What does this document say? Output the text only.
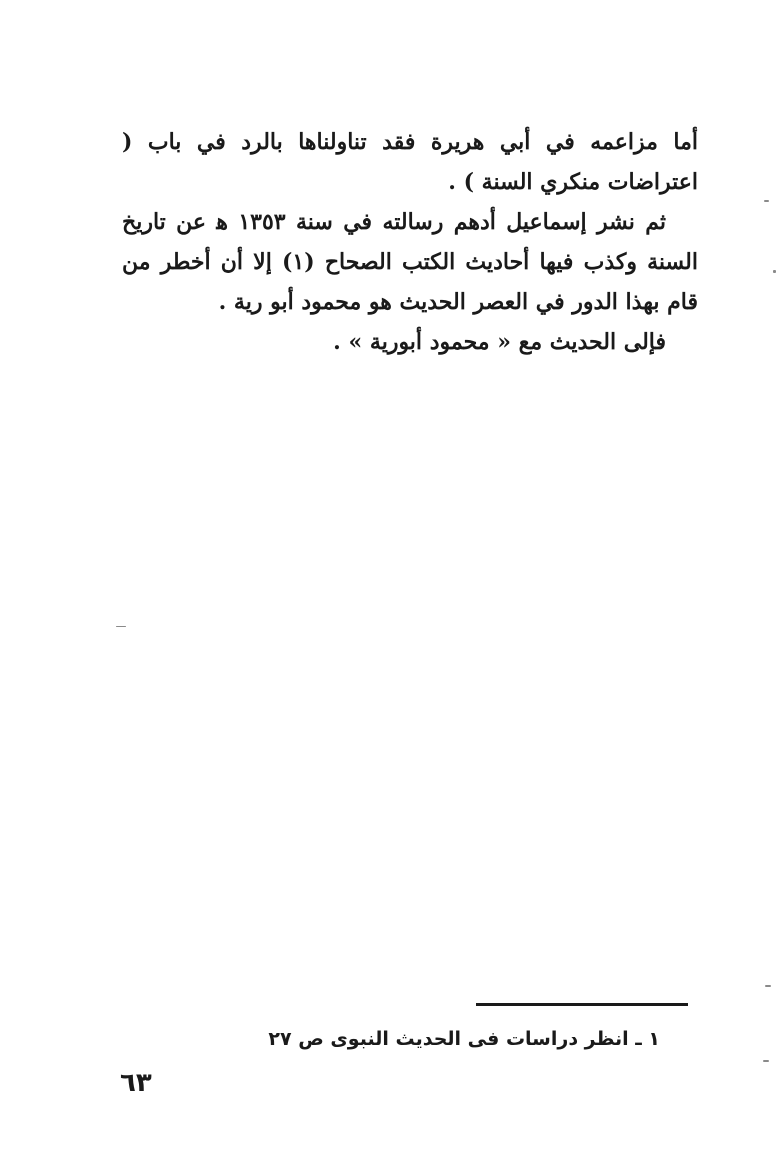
أما مزاعمه في أبي هريرة فقد تناولناها بالرد في باب ( اعتراضات منكري السنة ) .

ثم نشر إسماعيل أدهم رسالته في سنة ١٣٥٣ ﻫ عن تاريخ السنة وكذب فيها أحاديث الكتب الصحاح (١) إلا أن أخطر من قام بهذا الدور في العصر الحديث هو محمود أبو رية .

فإلى الحديث مع « محمود أبورية » .

١ ـ انظر دراسات فى الحديث النبوى ص ٢٧
٦٣
